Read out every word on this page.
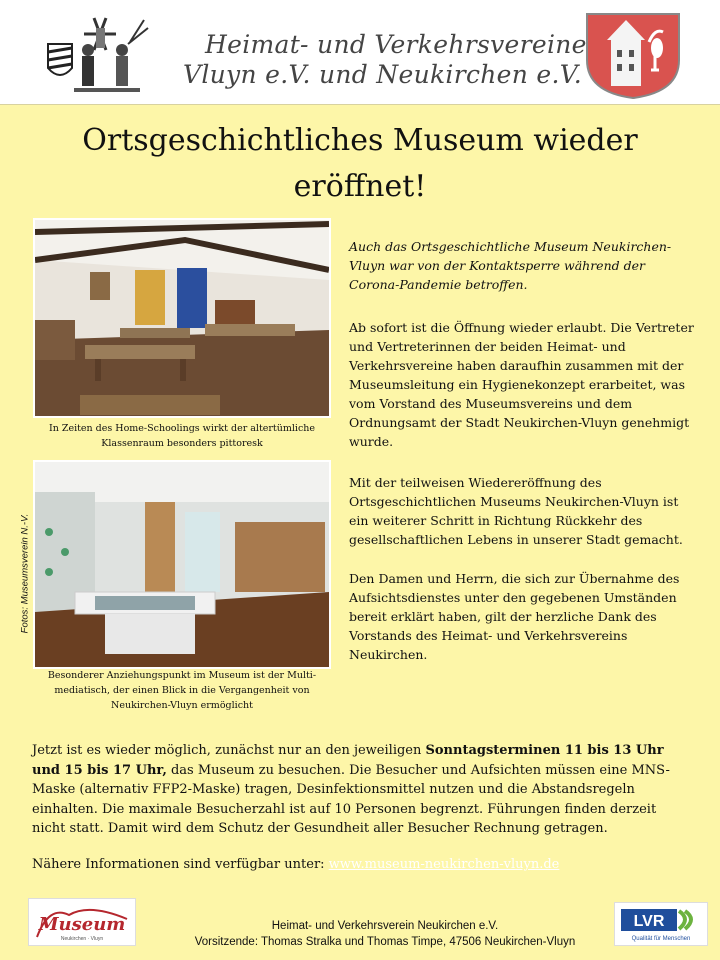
Heimat- und Verkehrsvereine
Vluyn e.V. und Neukirchen e.V.
Ortsgeschichtliches Museum wieder eröffnet!
In Zeiten des Home-Schoolings wirkt der altertümliche Klassenraum besonders pittoresk
Besonderer Anziehungspunkt im Museum ist der Multi-mediatisch, der einen Blick in die Vergangenheit von Neukirchen-Vluyn ermöglicht
Fotos: Museumsverein N.-V.
Auch das Ortsgeschichtliche Museum Neukirchen-Vluyn war von der Kontaktsperre während der Corona-Pandemie betroffen.
Ab sofort ist die Öffnung wieder erlaubt. Die Vertreter und Vertreterinnen der beiden Heimat- und Verkehrsvereine haben daraufhin zusammen mit der Museumsleitung ein Hygienekonzept erarbeitet, was vom Vorstand des Museumsvereins und dem Ordnungsamt der Stadt Neukirchen-Vluyn genehmigt wurde.
Mit der teilweisen Wiedereröffnung des Ortsgeschichtlichen Museums Neukirchen-Vluyn ist ein weiterer Schritt in Richtung Rückkehr des gesellschaftlichen Lebens in unserer Stadt gemacht.
Den Damen und Herrn, die sich zur Übernahme des Aufsichtsdienstes unter den gegebenen Umständen bereit erklärt haben, gilt der herzliche Dank des Vorstands des Heimat- und Verkehrsvereins Neukirchen.
Jetzt ist es wieder möglich, zunächst nur an den jeweiligen Sonntagsterminen 11 bis 13 Uhr und 15 bis 17 Uhr, das Museum zu besuchen. Die Besucher und Aufsichten müssen eine MNS-Maske (alternativ FFP2-Maske) tragen, Desinfektionsmittel nutzen und die Abstandsregeln einhalten. Die maximale Besucherzahl ist auf 10 Personen begrenzt. Führungen finden derzeit nicht statt. Damit wird dem Schutz der Gesundheit aller Besucher Rechnung getragen.
Nähere Informationen sind verfügbar unter: www.museum-neukirchen-vluyn.de
Museum
Neukirchen · Vluyn
Heimat- und Verkehrsverein Neukirchen e.V.
Vorsitzende: Thomas Stralka und Thomas Timpe, 47506 Neukirchen-Vluyn
LVR
Qualität für Menschen
